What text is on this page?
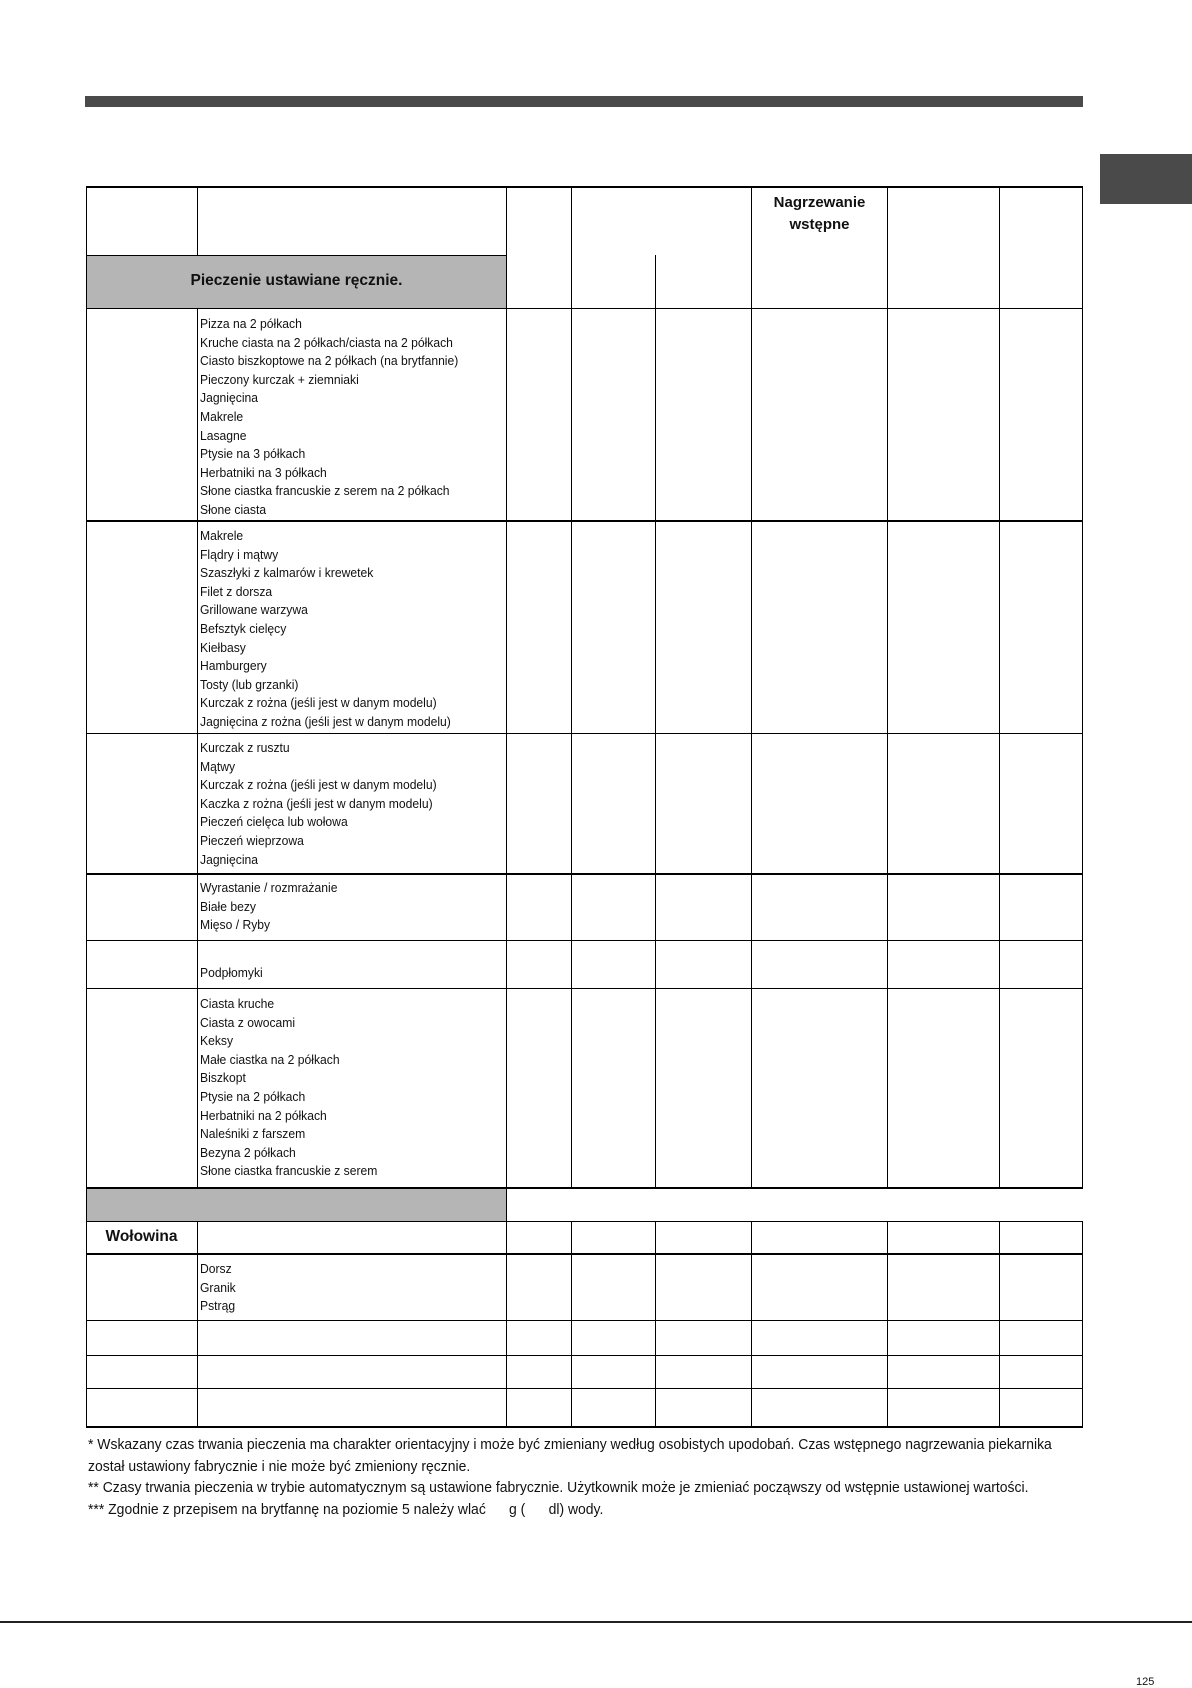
Nagrzewanie
wstępne
Pieczenie ustawiane ręcznie.
Pizza na 2 półkach
Kruche ciasta na 2 półkach/ciasta na 2 półkach
Ciasto biszkoptowe na 2 półkach (na brytfannie)
Pieczony kurczak + ziemniaki
Jagnięcina
Makrele
Lasagne
Ptysie na 3 półkach
Herbatniki na 3 półkach
Słone ciastka francuskie z serem na 2 półkach
Słone ciasta
Makrele
Flądry i mątwy
Szaszłyki z kalmarów i krewetek
Filet z dorsza
Grillowane warzywa
Befsztyk cielęcy
Kiełbasy
Hamburgery
Tosty (lub grzanki)
Kurczak z rożna (jeśli jest w danym modelu)
Jagnięcina z rożna (jeśli jest w danym modelu)
Kurczak z rusztu
Mątwy
Kurczak z rożna (jeśli jest w danym modelu)
Kaczka z rożna (jeśli jest w danym modelu)
Pieczeń cielęca lub wołowa
Pieczeń wieprzowa
Jagnięcina
Wyrastanie / rozmrażanie
Białe bezy
Mięso / Ryby
Podpłomyki
Ciasta kruche
Ciasta z owocami
Keksy
Małe ciastka na 2 półkach
Biszkopt
Ptysie na 2 półkach
Herbatniki na 2 półkach
Naleśniki z farszem
Bezyna 2 półkach
Słone ciastka francuskie z serem
Wołowina
Dorsz
Granik
Pstrąg

* Wskazany czas trwania pieczenia ma charakter orientacyjny i może być zmieniany według osobistych upodobań. Czas wstępnego nagrzewania piekarnika

został ustawiony fabrycznie i nie może być zmieniony ręcznie.

** Czasy trwania pieczenia w trybie automatycznym są ustawione fabrycznie. Użytkownik może je zmieniać począwszy od wstępnie ustawionej wartości.

*** Zgodnie z przepisem na brytfannę na poziomie 5 należy wlać      g (      dl) wody.

125
